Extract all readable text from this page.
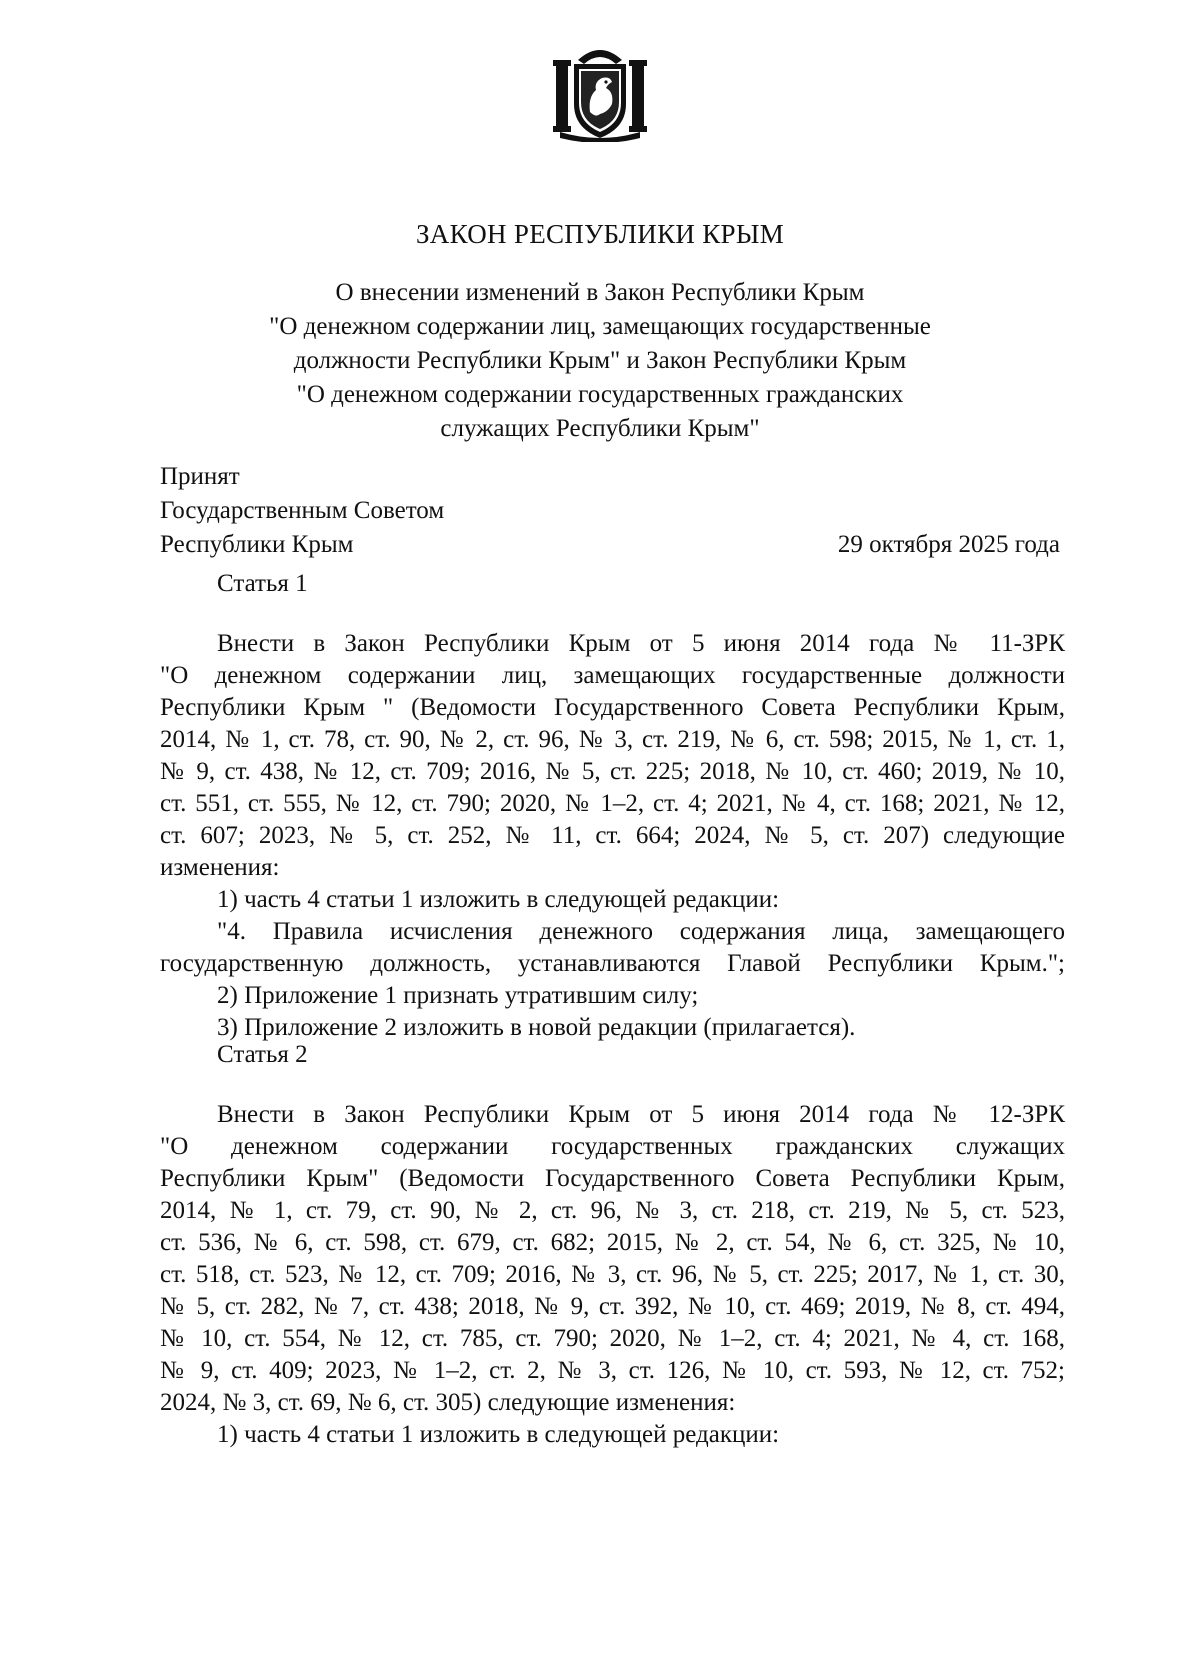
ЗАКОН РЕСПУБЛИКИ КРЫМ
О внесении изменений в Закон Республики Крым
"О денежном содержании лиц, замещающих государственные
должности Республики Крым" и Закон Республики Крым
"О денежном содержании государственных гражданских
служащих Республики Крым"
Принят
Государственным Советом
Республики Крым	29 октября 2025 года
Статья 1
Внести в Закон Республики Крым от 5 июня 2014 года № 11-ЗРК
"О денежном содержании лиц, замещающих государственные должности
Республики Крым " (Ведомости Государственного Совета Республики Крым,
2014, № 1, ст. 78, ст. 90, № 2, ст. 96, № 3, ст. 219, № 6, ст. 598; 2015, № 1, ст. 1,
№ 9, ст. 438, № 12, ст. 709; 2016, № 5, ст. 225; 2018, № 10, ст. 460; 2019, № 10,
ст. 551, ст. 555, № 12, ст. 790; 2020, № 1–2, ст. 4; 2021, № 4, ст. 168; 2021, № 12,
ст. 607; 2023, № 5, ст. 252, № 11, ст. 664; 2024, № 5, ст. 207) следующие
изменения:
1) часть 4 статьи 1 изложить в следующей редакции:
"4. Правила исчисления денежного содержания лица, замещающего
государственную должность, устанавливаются Главой Республики Крым.";
2) Приложение 1 признать утратившим силу;
3) Приложение 2 изложить в новой редакции (прилагается).
Статья 2
Внести в Закон Республики Крым от 5 июня 2014 года № 12-ЗРК
"О денежном содержании государственных гражданских служащих
Республики Крым" (Ведомости Государственного Совета Республики Крым,
2014, № 1, ст. 79, ст. 90, № 2, ст. 96, № 3, ст. 218, ст. 219, № 5, ст. 523,
ст. 536, № 6, ст. 598, ст. 679, ст. 682; 2015, № 2, ст. 54, № 6, ст. 325, № 10,
ст. 518, ст. 523, № 12, ст. 709; 2016, № 3, ст. 96, № 5, ст. 225; 2017, № 1, ст. 30,
№ 5, ст. 282, № 7, ст. 438; 2018, № 9, ст. 392, № 10, ст. 469; 2019, № 8, ст. 494,
№ 10, ст. 554, № 12, ст. 785, ст. 790; 2020, № 1–2, ст. 4; 2021, № 4, ст. 168,
№ 9, ст. 409; 2023, № 1–2, ст. 2, № 3, ст. 126, № 10, ст. 593, № 12, ст. 752;
2024, № 3, ст. 69, № 6, ст. 305) следующие изменения:
1) часть 4 статьи 1 изложить в следующей редакции:
